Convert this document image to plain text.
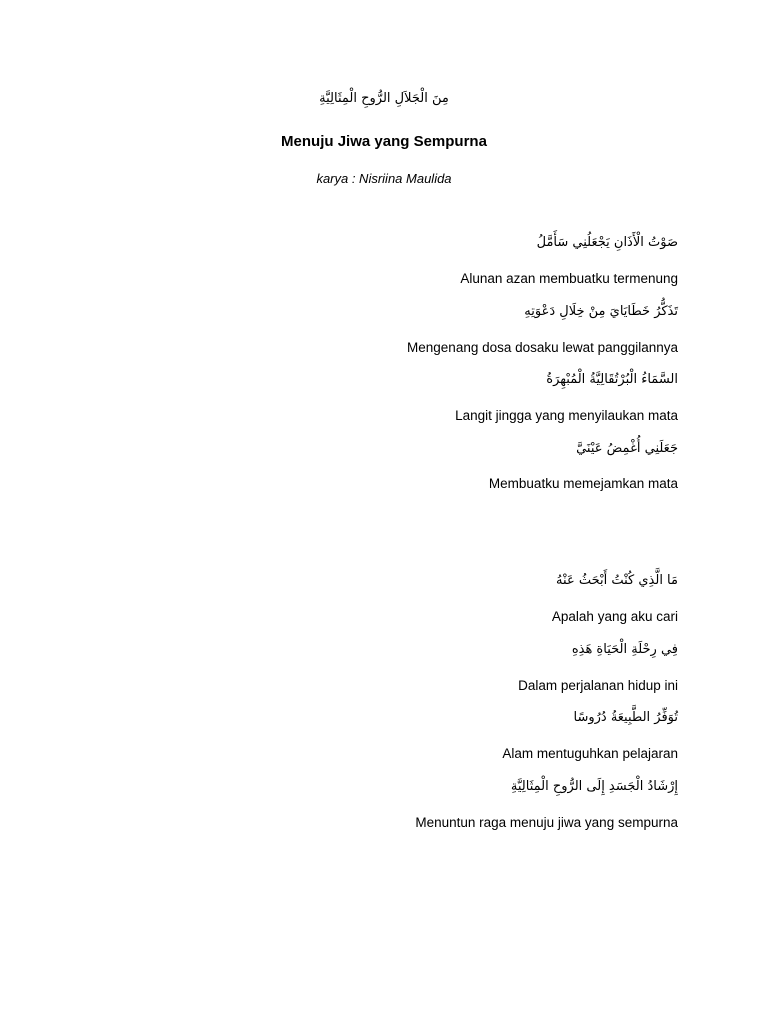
مِنَ الْجَلاَلِ الرُّوحِ الْمِثَالِيَّةِ
Menuju Jiwa yang Sempurna
karya : Nisriina Maulida
صَوْتُ الْأَذَانِ يَجْعَلُنِي سَأَمَّلُ
Alunan azan membuatku termenung
تَذَكُّرُ خَطَايَايَ مِنْ خِلَالِ دَعْوَتِهِ
Mengenang dosa dosaku lewat panggilannya
السَّمَاءُ الْبُرْتُقَالِيَّةُ الْمُبْهِرَةُ
Langit jingga yang menyilaukan mata
جَعَلَنِي أُغْمِضُ عَيْنَيَّ
Membuatku memejamkan mata
مَا الَّذِي كُنْتُ أَبْحَثُ عَنْهُ
Apalah yang aku cari
فِي رِحْلَةِ الْحَيَاةِ هَذِهِ
Dalam perjalanan hidup ini
تُوَفِّرُ الطَّبِيعَةُ دُرُوسًا
Alam mentuguhkan pelajaran
إِرْشَادُ الْجَسَدِ إِلَى الرُّوحِ الْمِثَالِيَّةِ
Menuntun raga menuju jiwa yang sempurna
